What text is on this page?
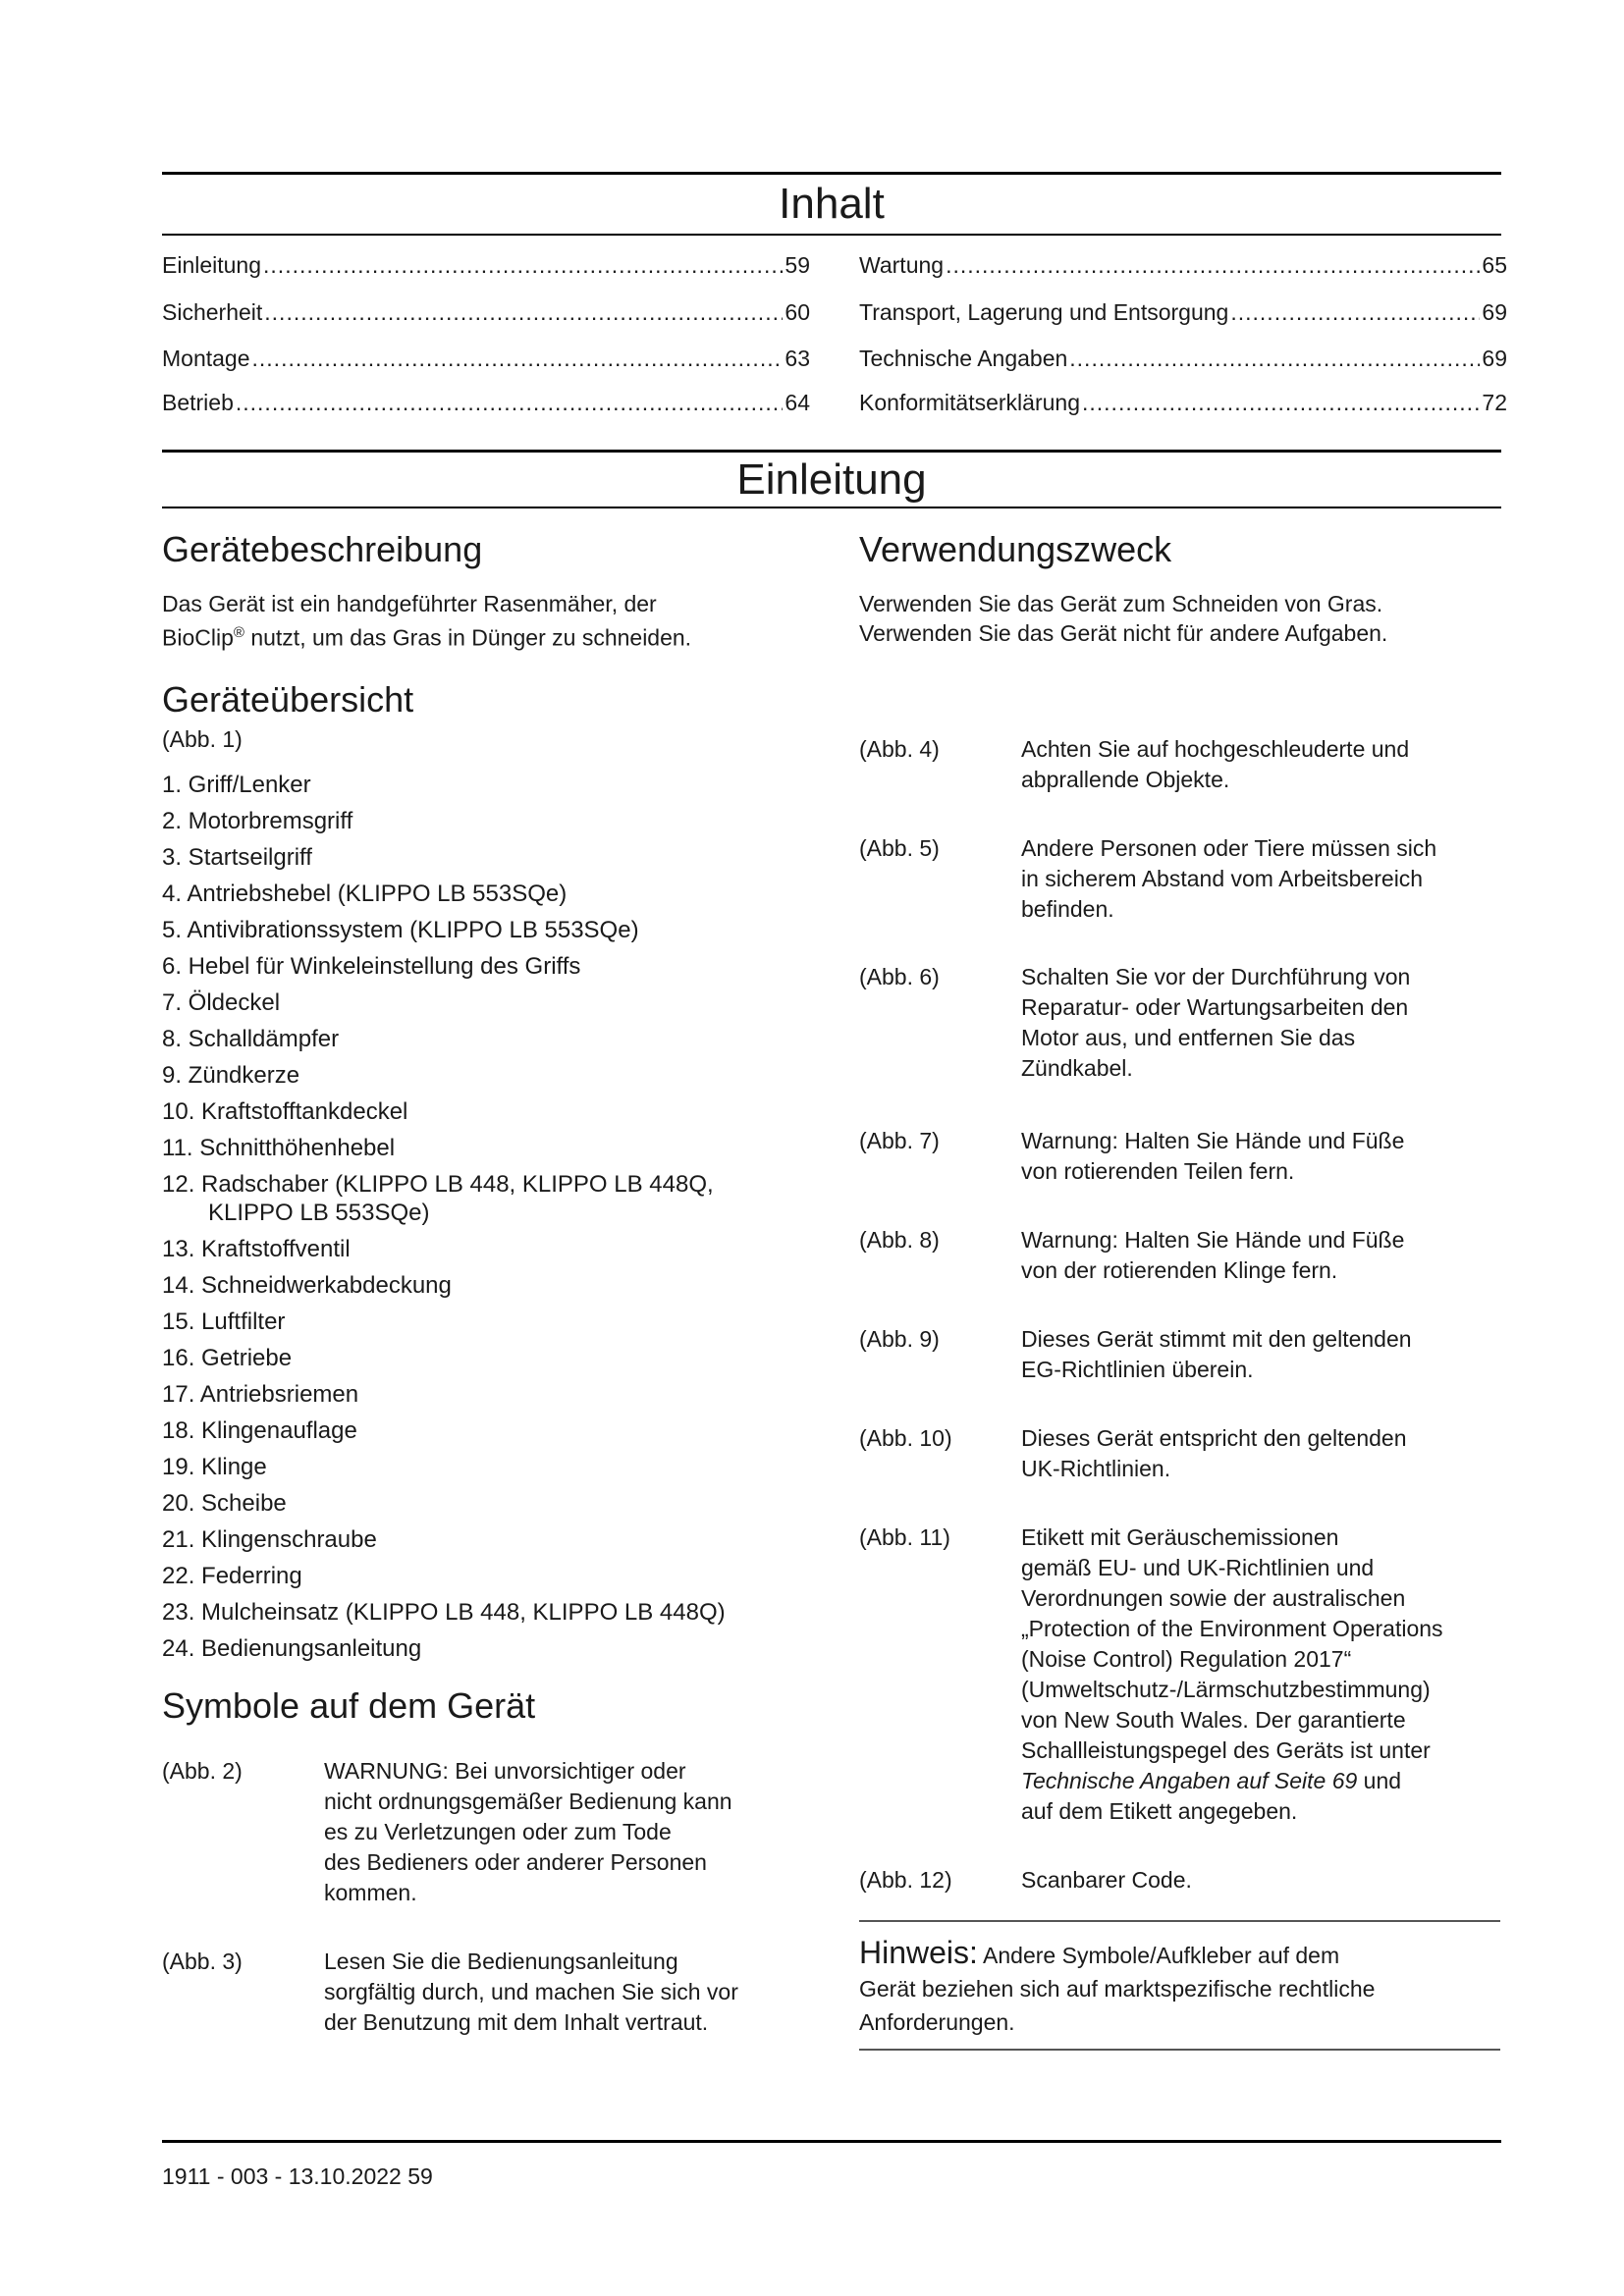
Inhalt
Einleitung .....	59
Sicherheit .....	60
Montage .....	63
Betrieb .....	64
Wartung .....	65
Transport, Lagerung und Entsorgung .....	69
Technische Angaben .....	69
Konformitätserklärung .....	72
Einleitung
Gerätebeschreibung

Das Gerät ist ein handgeführter Rasenmäher, der
BioClip® nutzt, um das Gras in Dünger zu schneiden.

Verwendungszweck

Verwenden Sie das Gerät zum Schneiden von Gras.
Verwenden Sie das Gerät nicht für andere Aufgaben.

Geräteübersicht

(Abb. 1)

1. Griff/Lenker
2. Motorbremsgriff
3. Startseilgriff
4. Antriebshebel (KLIPPO LB 553SQe)
5. Antivibrationssystem (KLIPPO LB 553SQe)
6. Hebel für Winkeleinstellung des Griffs
7. Öldeckel
8. Schalldämpfer
9. Zündkerze
10. Kraftstofftankdeckel
11. Schnitthöhenhebel
12. Radschaber (KLIPPO LB 448, KLIPPO LB 448Q,
KLIPPO LB 553SQe)
13. Kraftstoffventil
14. Schneidwerkabdeckung
15. Luftfilter
16. Getriebe
17. Antriebsriemen
18. Klingenauflage
19. Klinge
20. Scheibe
21. Klingenschraube
22. Federring
23. Mulcheinsatz (KLIPPO LB 448, KLIPPO LB 448Q)
24. Bedienungsanleitung
Symbole auf dem Gerät
(Abb. 2)	WARNUNG: Bei unvorsichtiger oder
nicht ordnungsgemäßer Bedienung kann
es zu Verletzungen oder zum Tode
des Bedieners oder anderer Personen
kommen.
(Abb. 3)	Lesen Sie die Bedienungsanleitung
sorgfältig durch, und machen Sie sich vor
der Benutzung mit dem Inhalt vertraut.
(Abb. 4)	Achten Sie auf hochgeschleuderte und
abprallende Objekte.
(Abb. 5)	Andere Personen oder Tiere müssen sich
in sicherem Abstand vom Arbeitsbereich
befinden.
(Abb. 6)	Schalten Sie vor der Durchführung von
Reparatur- oder Wartungsarbeiten den
Motor aus, und entfernen Sie das
Zündkabel.
(Abb. 7)	Warnung: Halten Sie Hände und Füße
von rotierenden Teilen fern.
(Abb. 8)	Warnung: Halten Sie Hände und Füße
von der rotierenden Klinge fern.
(Abb. 9)	Dieses Gerät stimmt mit den geltenden
EG-Richtlinien überein.
(Abb. 10)	Dieses Gerät entspricht den geltenden
UK-Richtlinien.
(Abb. 11)	Etikett mit Geräuschemissionen
gemäß EU- und UK-Richtlinien und
Verordnungen sowie der australischen
„Protection of the Environment Operations
(Noise Control) Regulation 2017“
(Umweltschutz-/Lärmschutzbestimmung)
von New South Wales. Der garantierte
Schallleistungspegel des Geräts ist unter
Technische Angaben auf Seite 69 und
auf dem Etikett angegeben.
(Abb. 12)	Scanbarer Code.
Hinweis: Andere Symbole/Aufkleber auf dem
Gerät beziehen sich auf marktspezifische rechtliche
Anforderungen.
1911 - 003 - 13.10.2022 59
